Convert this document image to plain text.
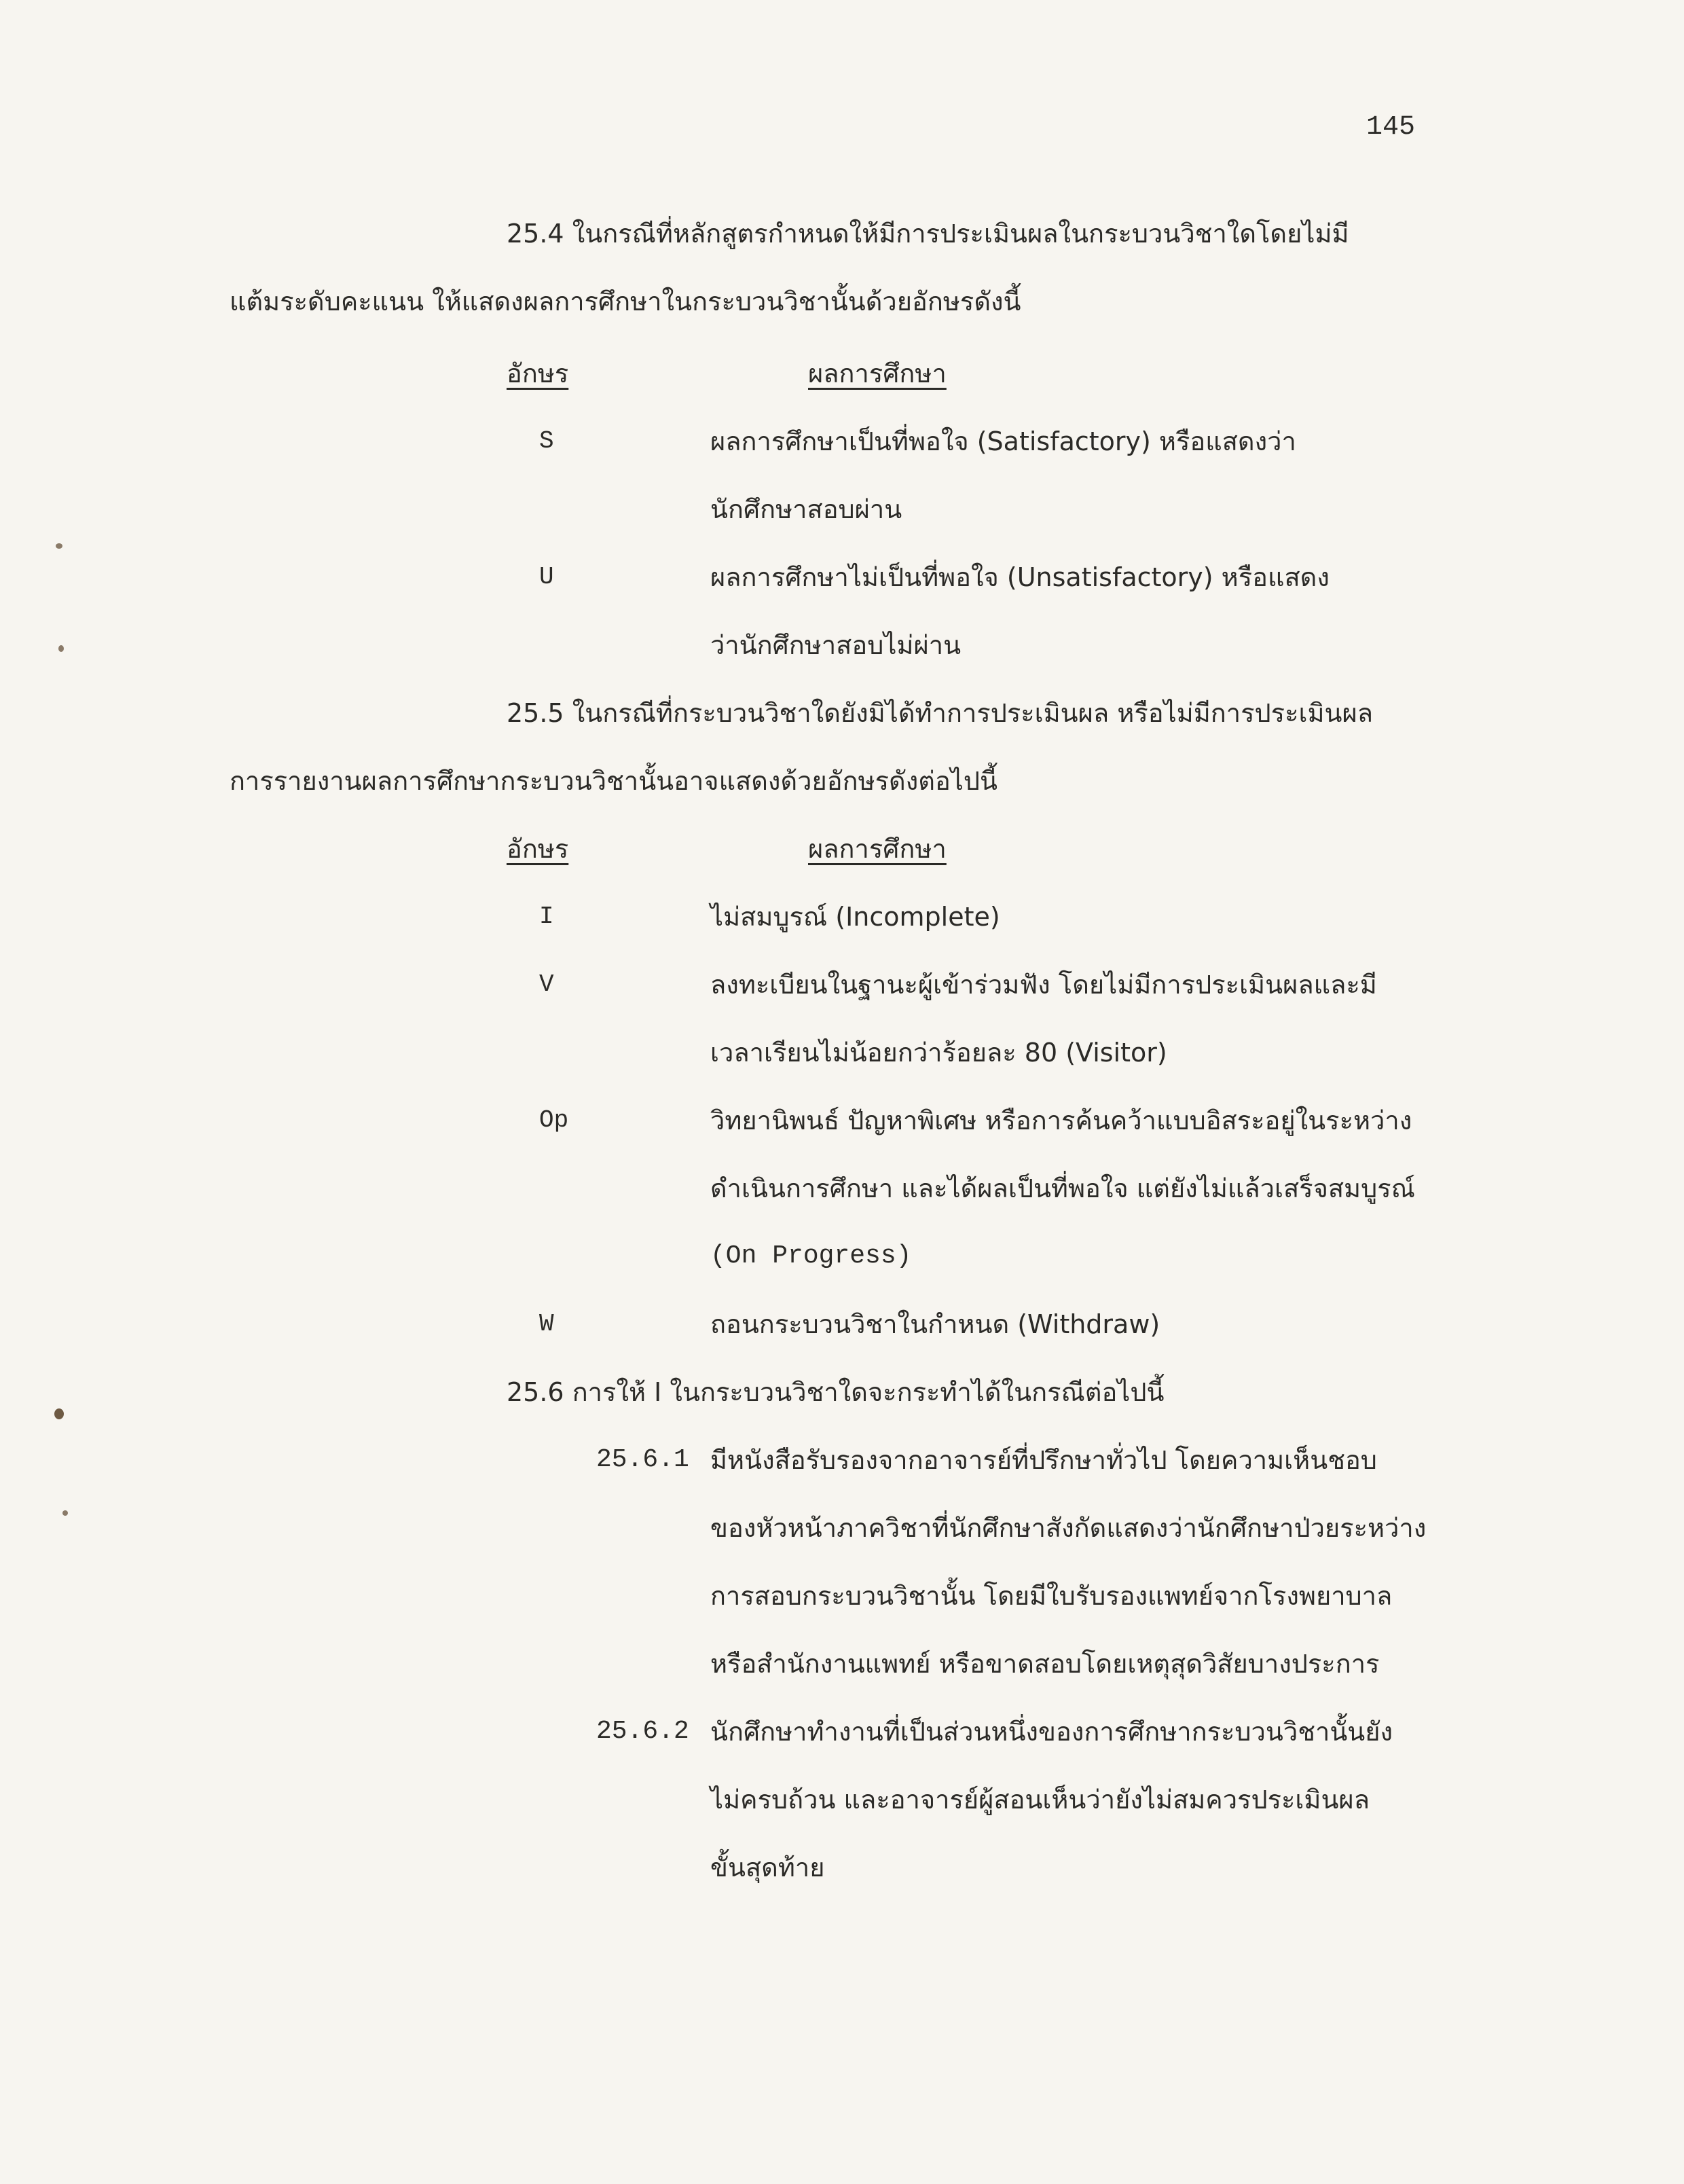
145
25.4 ในกรณีที่หลักสูตรกำหนดให้มีการประเมินผลในกระบวนวิชาใดโดยไม่มี
แต้มระดับคะแนน ให้แสดงผลการศึกษาในกระบวนวิชานั้นด้วยอักษรดังนี้
อักษร	ผลการศึกษา
S	ผลการศึกษาเป็นที่พอใจ (Satisfactory) หรือแสดงว่า
นักศึกษาสอบผ่าน
U	ผลการศึกษาไม่เป็นที่พอใจ (Unsatisfactory) หรือแสดง
ว่านักศึกษาสอบไม่ผ่าน
25.5 ในกรณีที่กระบวนวิชาใดยังมิได้ทำการประเมินผล หรือไม่มีการประเมินผล
การรายงานผลการศึกษากระบวนวิชานั้นอาจแสดงด้วยอักษรดังต่อไปนี้
อักษร	ผลการศึกษา
I	ไม่สมบูรณ์ (Incomplete)
V	ลงทะเบียนในฐานะผู้เข้าร่วมฟัง โดยไม่มีการประเมินผลและมี
เวลาเรียนไม่น้อยกว่าร้อยละ 80 (Visitor)
Op	วิทยานิพนธ์ ปัญหาพิเศษ หรือการค้นคว้าแบบอิสระอยู่ในระหว่าง
ดำเนินการศึกษา และได้ผลเป็นที่พอใจ แต่ยังไม่แล้วเสร็จสมบูรณ์
(On Progress)
W	ถอนกระบวนวิชาในกำหนด (Withdraw)
25.6 การให้ I ในกระบวนวิชาใดจะกระทำได้ในกรณีต่อไปนี้
25.6.1 มีหนังสือรับรองจากอาจารย์ที่ปรึกษาทั่วไป โดยความเห็นชอบ
ของหัวหน้าภาควิชาที่นักศึกษาสังกัดแสดงว่านักศึกษาป่วยระหว่าง
การสอบกระบวนวิชานั้น โดยมีใบรับรองแพทย์จากโรงพยาบาล
หรือสำนักงานแพทย์ หรือขาดสอบโดยเหตุสุดวิสัยบางประการ
25.6.2 นักศึกษาทำงานที่เป็นส่วนหนึ่งของการศึกษากระบวนวิชานั้นยัง
ไม่ครบถ้วน และอาจารย์ผู้สอนเห็นว่ายังไม่สมควรประเมินผล
ขั้นสุดท้าย
